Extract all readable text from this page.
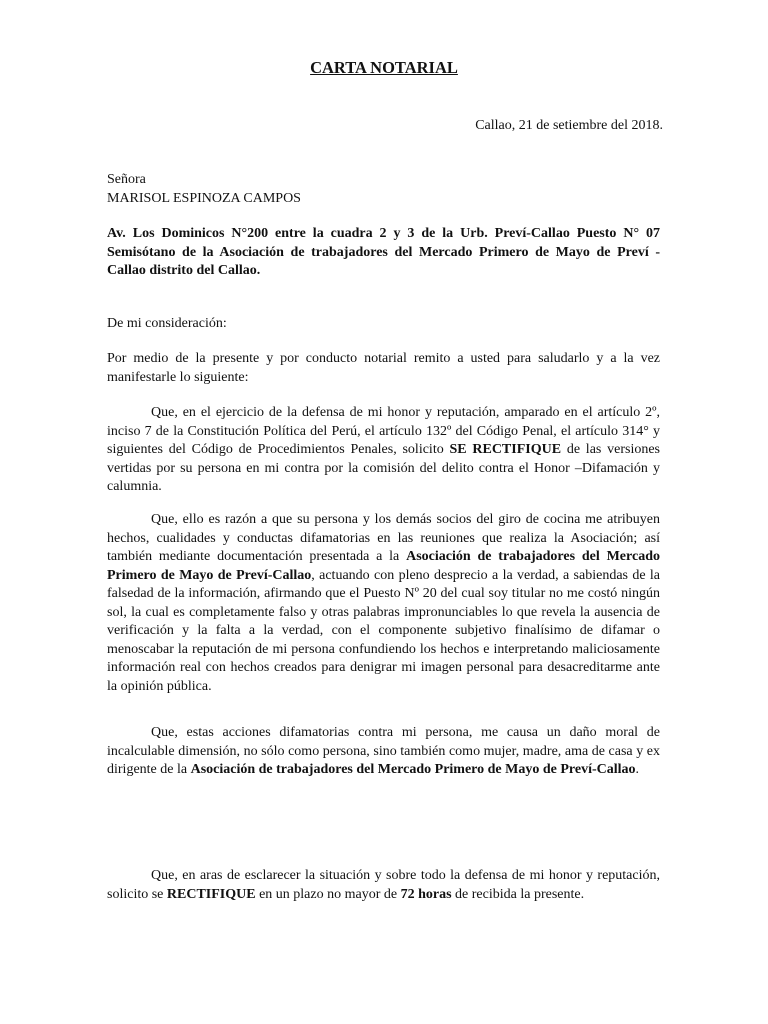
CARTA NOTARIAL
Callao, 21 de setiembre del 2018.
Señora
MARISOL ESPINOZA CAMPOS
Av. Los Dominicos N°200 entre la cuadra 2 y 3 de la Urb. Preví-Callao Puesto N° 07 Semisótano de la Asociación de trabajadores del Mercado Primero de Mayo de Preví - Callao distrito del Callao.
De mi consideración:
Por medio de la presente y por conducto notarial remito a usted para saludarlo y a la vez manifestarle lo siguiente:
Que, en el ejercicio de la defensa de mi honor y reputación, amparado en el artículo 2º, inciso 7 de la Constitución Política del Perú, el artículo 132º del Código Penal, el artículo 314° y siguientes del Código de Procedimientos Penales, solicito SE RECTIFIQUE de las versiones vertidas por su persona en mi contra por la comisión del delito contra el Honor –Difamación y calumnia.
Que, ello es razón a que su persona y los demás socios del giro de cocina me atribuyen hechos, cualidades y conductas difamatorias en las reuniones que realiza la Asociación; así también mediante documentación presentada a la Asociación de trabajadores del Mercado Primero de Mayo de Preví-Callao, actuando con pleno desprecio a la verdad, a sabiendas de la falsedad de la información, afirmando que el Puesto Nº 20 del cual soy titular no me costó ningún sol, la cual es completamente falso y otras palabras impronunciables lo que revela la ausencia de verificación y la falta a la verdad, con el componente subjetivo finalísimo de difamar o menoscabar la reputación de mi persona confundiendo los hechos e interpretando maliciosamente información real con hechos creados para denigrar mi imagen personal para desacreditarme ante la opinión pública.
Que, estas acciones difamatorias contra mi persona, me causa un daño moral de incalculable dimensión, no sólo como persona, sino también como mujer, madre, ama de casa y ex dirigente de la Asociación de trabajadores del Mercado Primero de Mayo de Preví-Callao.
Que, en aras de esclarecer la situación y sobre todo la defensa de mi honor y reputación, solicito se RECTIFIQUE en un plazo no mayor de 72 horas de recibida la presente.
